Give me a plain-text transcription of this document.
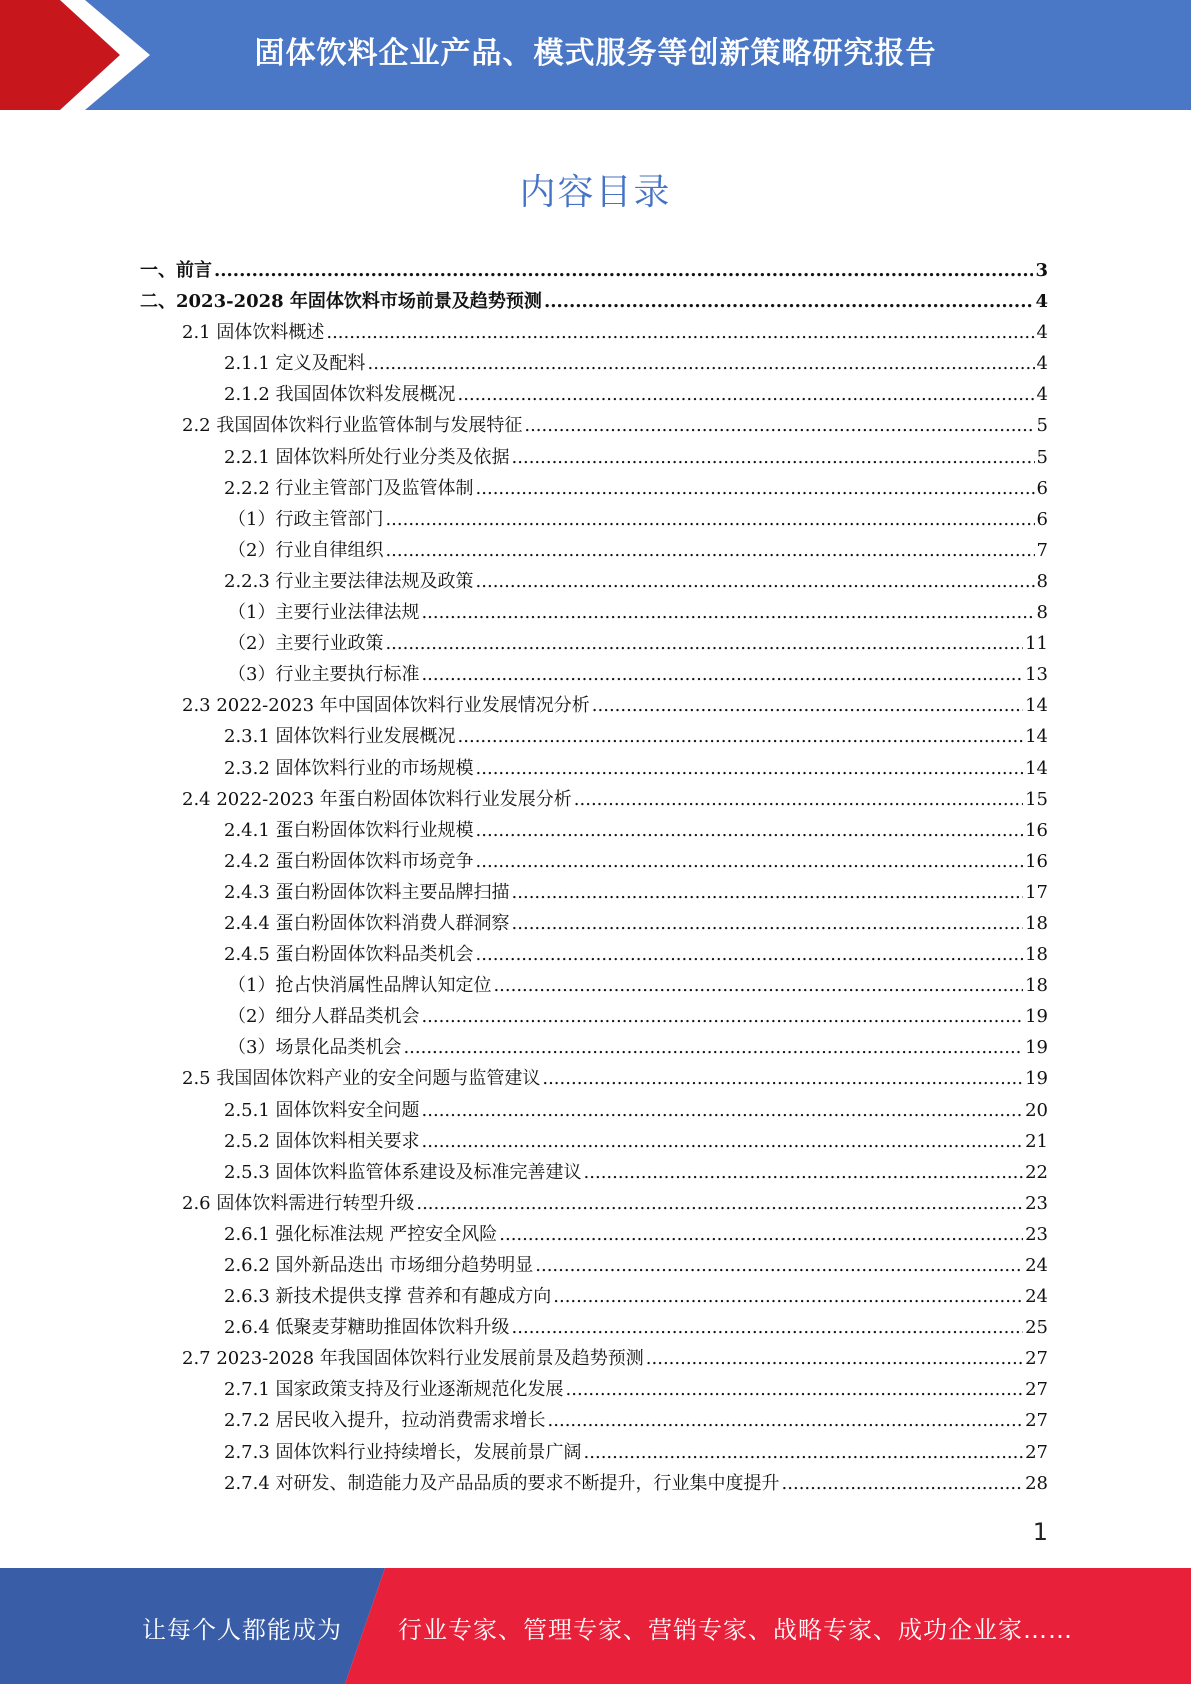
固体饮料企业产品、模式服务等创新策略研究报告
内容目录
一、前言 .....	3
二、2023-2028 年固体饮料市场前景及趋势预测 .....	4
2.1 固体饮料概述 .....	4
2.1.1 定义及配料 .....	4
2.1.2 我国固体饮料发展概况 .....	4
2.2 我国固体饮料行业监管体制与发展特征 .....	5
2.2.1 固体饮料所处行业分类及依据 .....	5
2.2.2 行业主管部门及监管体制 .....	6
（1）行政主管部门 .....	6
（2）行业自律组织 .....	7
2.2.3 行业主要法律法规及政策 .....	8
（1）主要行业法律法规 .....	8
（2）主要行业政策 .....	11
（3）行业主要执行标准 .....	13
2.3 2022-2023 年中国固体饮料行业发展情况分析 .....	14
2.3.1 固体饮料行业发展概况 .....	14
2.3.2 固体饮料行业的市场规模 .....	14
2.4 2022-2023 年蛋白粉固体饮料行业发展分析 .....	15
2.4.1 蛋白粉固体饮料行业规模 .....	16
2.4.2 蛋白粉固体饮料市场竞争 .....	16
2.4.3 蛋白粉固体饮料主要品牌扫描 .....	17
2.4.4 蛋白粉固体饮料消费人群洞察 .....	18
2.4.5 蛋白粉固体饮料品类机会 .....	18
（1）抢占快消属性品牌认知定位 .....	18
（2）细分人群品类机会 .....	19
（3）场景化品类机会 .....	19
2.5 我国固体饮料产业的安全问题与监管建议 .....	19
2.5.1 固体饮料安全问题 .....	20
2.5.2 固体饮料相关要求 .....	21
2.5.3 固体饮料监管体系建设及标准完善建议 .....	22
2.6 固体饮料需进行转型升级 .....	23
2.6.1 强化标准法规 严控安全风险 .....	23
2.6.2 国外新品迭出 市场细分趋势明显 .....	24
2.6.3 新技术提供支撑 营养和有趣成方向 .....	24
2.6.4 低聚麦芽糖助推固体饮料升级 .....	25
2.7 2023-2028 年我国固体饮料行业发展前景及趋势预测 .....	27
2.7.1 国家政策支持及行业逐渐规范化发展 .....	27
2.7.2 居民收入提升，拉动消费需求增长 .....	27
2.7.3 固体饮料行业持续增长，发展前景广阔 .....	27
2.7.4 对研发、制造能力及产品品质的要求不断提升，行业集中度提升 .....	28
1
让每个人都能成为 行业专家、管理专家、营销专家、战略专家、成功企业家……
